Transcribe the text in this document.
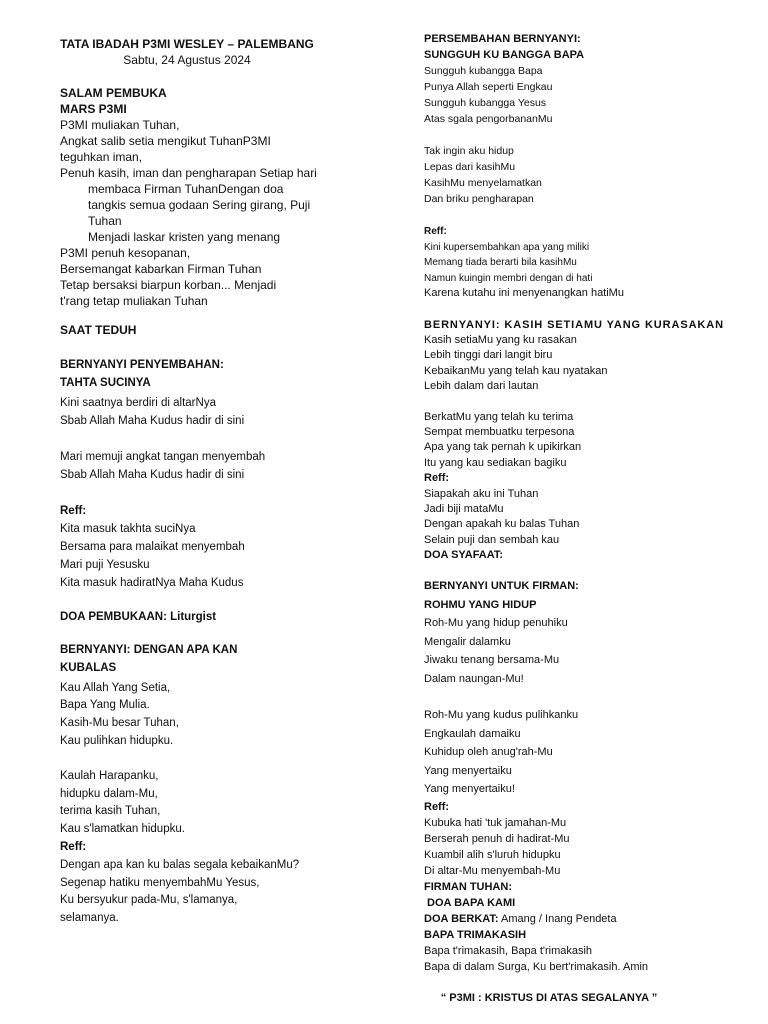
TATA IBADAH P3MI WESLEY – PALEMBANG
Sabtu, 24 Agustus 2024
SALAM PEMBUKA
MARS P3MI
P3MI muliakan Tuhan,
Angkat salib setia mengikut TuhanP3MI
teguhkan iman,
Penuh kasih, iman dan pengharapan Setiap hari
membaca Firman TuhanDengan doa
tangkis semua godaan Sering girang, Puji
Tuhan
Menjadi laskar kristen yang menang
P3MI penuh kesopanan,
Bersemangat kabarkan Firman Tuhan
Tetap bersaksi biarpun korban... Menjadi
t'rang tetap muliakan Tuhan
SAAT TEDUH
BERNYANYI PENYEMBAHAN:
TAHTA SUCINYA
Kini saatnya berdiri di altarNya
Sbab Allah Maha Kudus hadir di sini
Mari memuji angkat tangan menyembah
Sbab Allah Maha Kudus hadir di sini
Reff:
Kita masuk takhta suciNya
Bersama para malaikat menyembah
Mari puji Yesusku
Kita masuk hadiratNya Maha Kudus
DOA PEMBUKAAN: Liturgist
BERNYANYI: DENGAN APA KAN
KUBALAS
Kau Allah Yang Setia,
Bapa Yang Mulia.
Kasih-Mu besar Tuhan,
Kau pulihkan hidupku.
Kaulah Harapanku,
hidupku dalam-Mu,
terima kasih Tuhan,
Kau s'lamatkan hidupku.
Reff:
Dengan apa kan ku balas segala kebaikanMu?
Segenap hatiku menyembahMu Yesus,
Ku bersyukur pada-Mu, s'lamanya,
selamanya.
PERSEMBAHAN BERNYANYI:
SUNGGUH KU BANGGA BAPA
Sungguh kubangga Bapa
Punya Allah seperti Engkau
Sungguh kubangga Yesus
Atas sgala pengorbananMu
Tak ingin aku hidup
Lepas dari kasihMu
KasihMu menyelamatkan
Dan briku pengharapan
Reff:
Kini kupersembahkan apa yang miliki
Memang tiada berarti bila kasihMu
Namun kuingin membri dengan di hati
Karena kutahu ini menyenangkan hatiMu
BERNYANYI: KASIH SETIAMU YANG KURASAKAN
Kasih setiaMu yang ku rasakan
Lebih tinggi dari langit biru
KebaikanMu yang telah kau nyatakan
Lebih dalam dari lautan
BerkatMu yang telah ku terima
Sempat membuatku terpesona
Apa yang tak pernah k upikirkan
Itu yang kau sediakan bagiku
Reff:
Siapakah aku ini Tuhan
Jadi biji mataMu
Dengan apakah ku balas Tuhan
Selain puji dan sembah kau
DOA SYAFAAT:
BERNYANYI UNTUK FIRMAN:
ROHMU YANG HIDUP
Roh-Mu yang hidup penuhiku
Mengalir dalamku
Jiwaku tenang bersama-Mu
Dalam naungan-Mu!
Roh-Mu yang kudus pulihkanku
Engkaulah damaiku
Kuhidup oleh anug'rah-Mu
Yang menyertaiku
Yang menyertaiku!
Reff:
Kubuka hati 'tuk jamahan-Mu
Berserah penuh di hadirat-Mu
Kuambil alih s'luruh hidupku
Di altar-Mu menyembah-Mu
FIRMAN TUHAN:
DOA BAPA KAMI
DOA BERKAT: Amang / Inang Pendeta
BAPA TRIMAKASIH
Bapa t'rimakasih, Bapa t'rimakasih
Bapa di dalam Surga, Ku bert'rimakasih. Amin
“ P3MI : KRISTUS DI ATAS SEGALANYA ”
